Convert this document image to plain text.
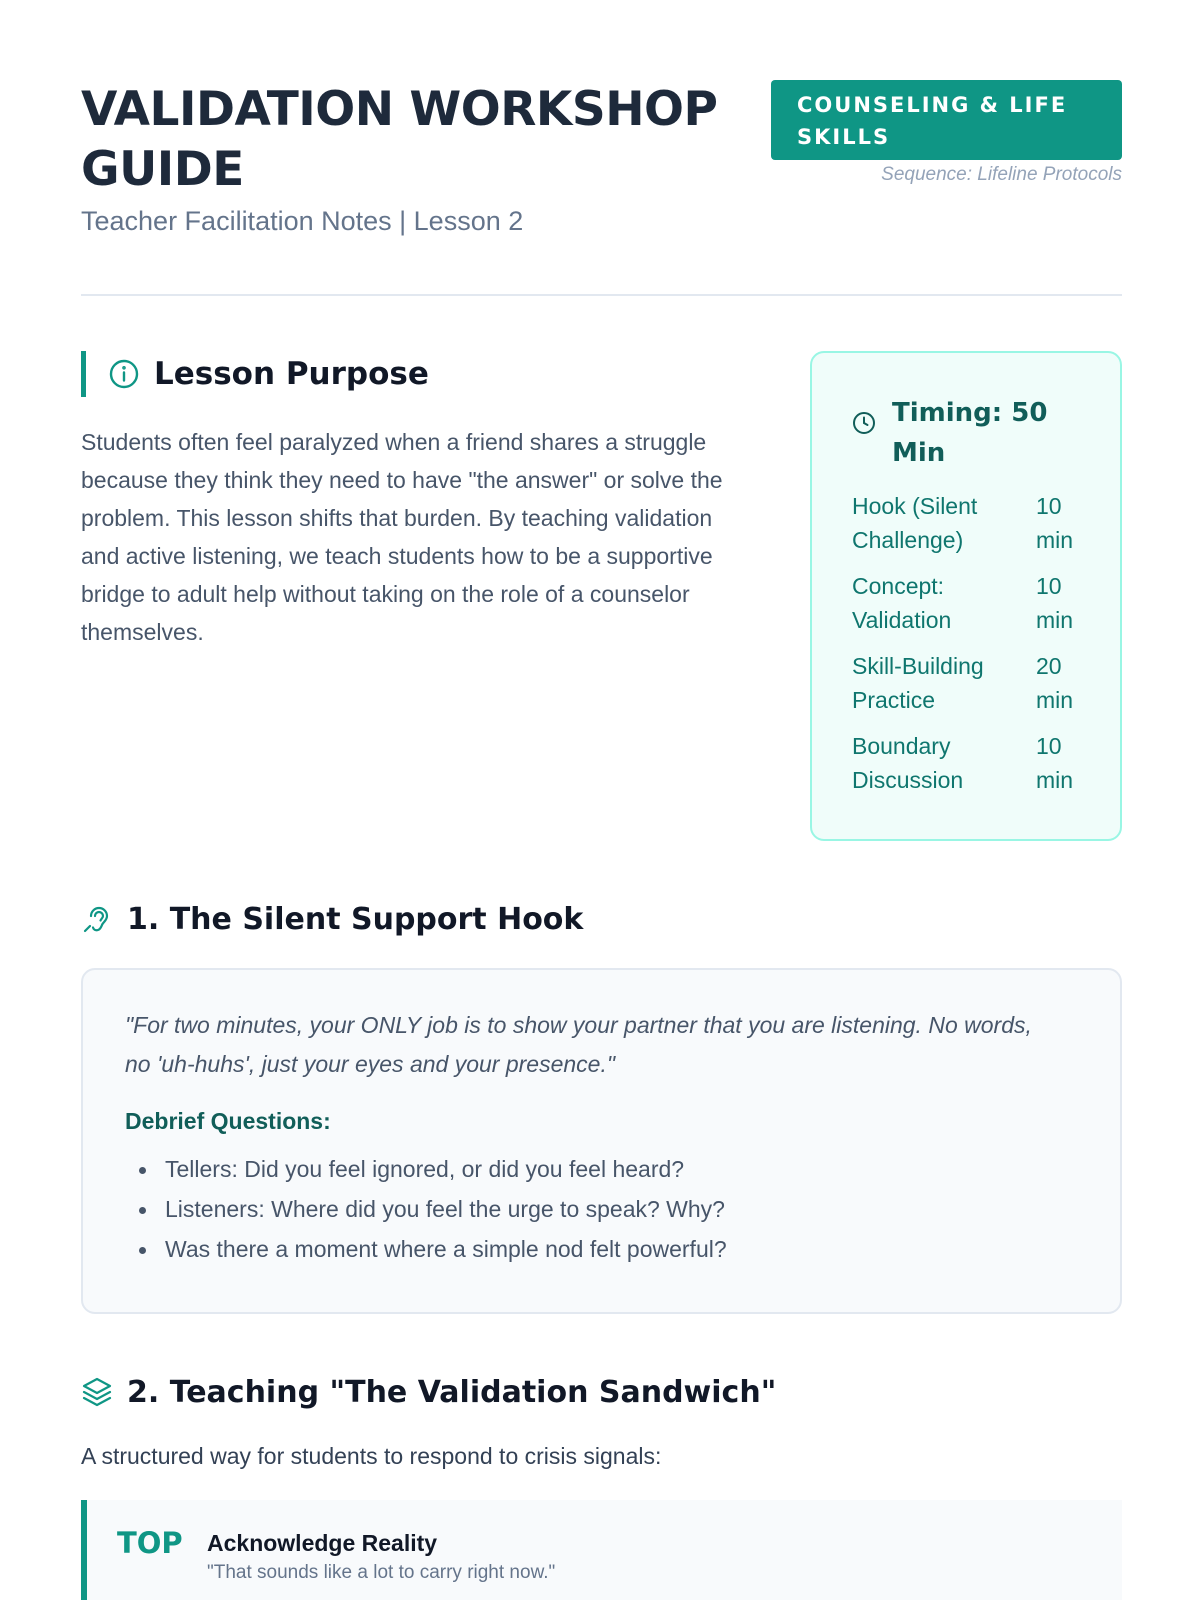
VALIDATION WORKSHOP GUIDE
Teacher Facilitation Notes | Lesson 2
COUNSELING & LIFE SKILLS
Sequence: Lifeline Protocols
Lesson Purpose

Students often feel paralyzed when a friend shares a struggle because they think they need to have "the answer" or solve the problem. This lesson shifts that burden. By teaching validation and active listening, we teach students how to be a supportive bridge to adult help without taking on the role of a counselor themselves.

Timing: 50 Min
Hook (Silent Challenge)
10 min
Concept: Validation
10 min
Skill-Building Practice
20 min
Boundary Discussion
10 min
1. The Silent Support Hook

"For two minutes, your ONLY job is to show your partner that you are listening. No words, no 'uh-huhs', just your eyes and your presence."

Debrief Questions:
Tellers: Did you feel ignored, or did you feel heard?
Listeners: Where did you feel the urge to speak? Why?
Was there a moment where a simple nod felt powerful?
2. Teaching "The Validation Sandwich"

A structured way for students to respond to crisis signals:

TOP Acknowledge Reality
"That sounds like a lot to carry right now."
